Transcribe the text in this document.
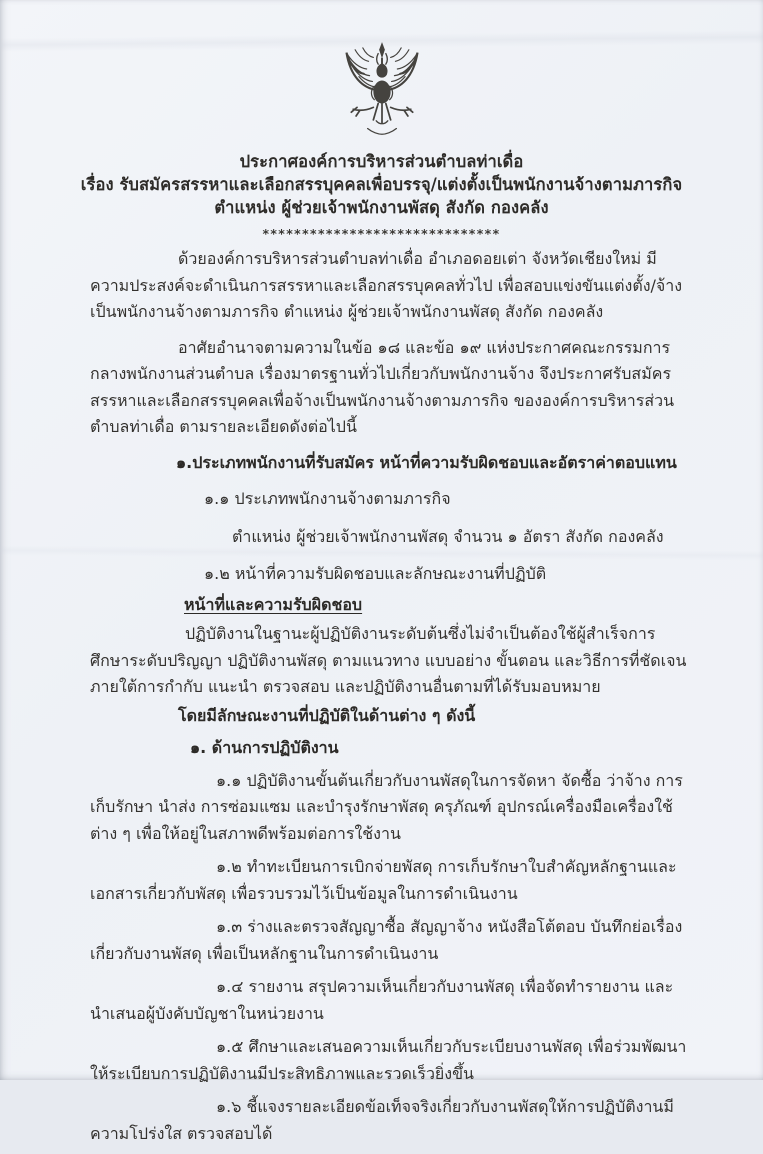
ประกาศองค์การบริหารส่วนตำบลท่าเดื่อ
เรื่อง รับสมัครสรรหาและเลือกสรรบุคคลเพื่อบรรจุ/แต่งตั้งเป็นพนักงานจ้างตามภารกิจ
ตำแหน่ง ผู้ช่วยเจ้าพนักงานพัสดุ สังกัด กองคลัง
******************************

ด้วยองค์การบริหารส่วนตำบลท่าเดื่อ อำเภอดอยเต่า จังหวัดเชียงใหม่ มีความประสงค์จะดำเนินการสรรหาและเลือกสรรบุคคลทั่วไป เพื่อสอบแข่งขันแต่งตั้ง/จ้างเป็นพนักงานจ้างตามภารกิจ ตำแหน่ง ผู้ช่วยเจ้าพนักงานพัสดุ สังกัด กองคลัง

อาศัยอำนาจตามความในข้อ ๑๘ และข้อ ๑๙ แห่งประกาศคณะกรรมการกลางพนักงานส่วนตำบล เรื่องมาตรฐานทั่วไปเกี่ยวกับพนักงานจ้าง จึงประกาศรับสมัครสรรหาและเลือกสรรบุคคลเพื่อจ้างเป็นพนักงานจ้างตามภารกิจ ขององค์การบริหารส่วนตำบลท่าเดื่อ ตามรายละเอียดดังต่อไปนี้

๑.ประเภทพนักงานที่รับสมัคร หน้าที่ความรับผิดชอบและอัตราค่าตอบแทน

๑.๑ ประเภทพนักงานจ้างตามภารกิจ

ตำแหน่ง ผู้ช่วยเจ้าพนักงานพัสดุ จำนวน ๑ อัตรา สังกัด กองคลัง

๑.๒ หน้าที่ความรับผิดชอบและลักษณะงานที่ปฏิบัติ

หน้าที่และความรับผิดชอบ

ปฏิบัติงานในฐานะผู้ปฏิบัติงานระดับต้นซึ่งไม่จำเป็นต้องใช้ผู้สำเร็จการศึกษาระดับปริญญา ปฏิบัติงานพัสดุ ตามแนวทาง แบบอย่าง ขั้นตอน และวิธีการที่ชัดเจน ภายใต้การกำกับ แนะนำ ตรวจสอบ และปฏิบัติงานอื่นตามที่ได้รับมอบหมาย

โดยมีลักษณะงานที่ปฏิบัติในด้านต่าง ๆ ดังนี้

๑. ด้านการปฏิบัติงาน

๑.๑ ปฏิบัติงานขั้นต้นเกี่ยวกับงานพัสดุในการจัดหา จัดซื้อ ว่าจ้าง การเก็บรักษา นำส่ง การซ่อมแซม และบำรุงรักษาพัสดุ ครุภัณฑ์ อุปกรณ์เครื่องมือเครื่องใช้ต่าง ๆ เพื่อให้อยู่ในสภาพดีพร้อมต่อการใช้งาน

๑.๒ ทำทะเบียนการเบิกจ่ายพัสดุ การเก็บรักษาใบสำคัญหลักฐานและเอกสารเกี่ยวกับพัสดุ เพื่อรวบรวมไว้เป็นข้อมูลในการดำเนินงาน

๑.๓ ร่างและตรวจสัญญาซื้อ สัญญาจ้าง หนังสือโต้ตอบ บันทึกย่อเรื่องเกี่ยวกับงานพัสดุ เพื่อเป็นหลักฐานในการดำเนินงาน

๑.๔ รายงาน สรุปความเห็นเกี่ยวกับงานพัสดุ เพื่อจัดทำรายงาน และนำเสนอผู้บังคับบัญชาในหน่วยงาน

๑.๕ ศึกษาและเสนอความเห็นเกี่ยวกับระเบียบงานพัสดุ เพื่อร่วมพัฒนาให้ระเบียบการปฏิบัติงานมีประสิทธิภาพและรวดเร็วยิ่งขึ้น

๑.๖ ชี้แจงรายละเอียดข้อเท็จจริงเกี่ยวกับงานพัสดุให้การปฏิบัติงานมีความโปร่งใส ตรวจสอบได้
